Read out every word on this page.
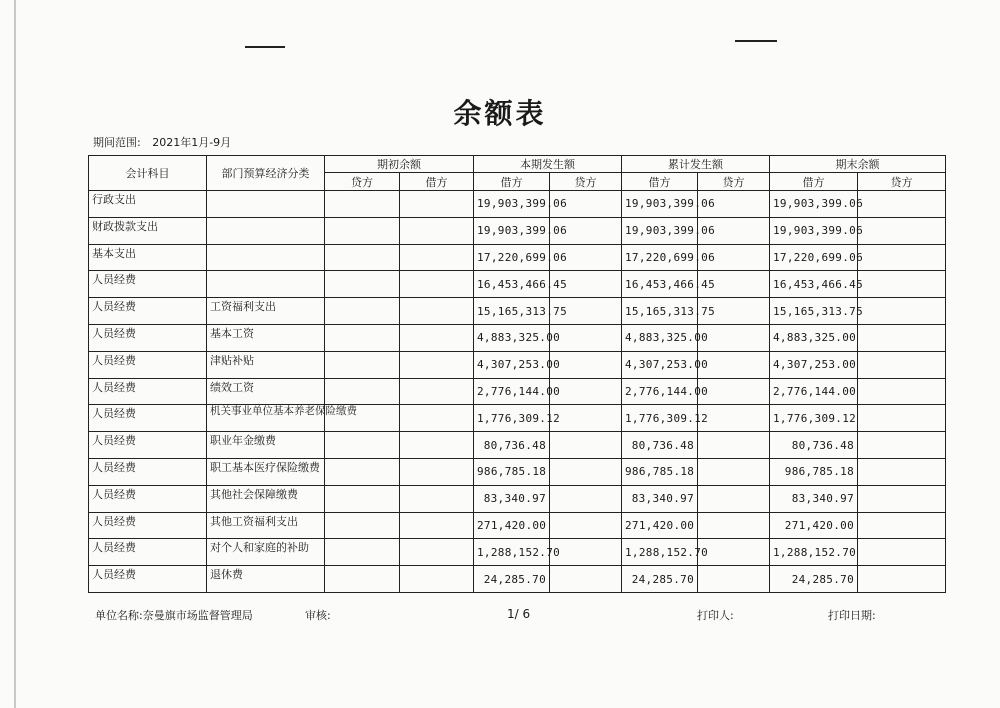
余额表
期间范围: 2021年1月-9月
会计科目	部门预算经济分类	期初余额		本期发生额		累计发生额		期末余额	
		贷方	借方	借方	贷方	借方	贷方	借方	贷方
行政支出				19,903,399.06		19,903,399.06		19,903,399.06	
财政拨款支出				19,903,399.06		19,903,399.06		19,903,399.06	
基本支出				17,220,699.06		17,220,699.06		17,220,699.06	
人员经费				16,453,466.45		16,453,466.45		16,453,466.45	
人员经费	工资福利支出			15,165,313.75		15,165,313.75		15,165,313.75	
人员经费	基本工资			4,883,325.00		4,883,325.00		4,883,325.00	
人员经费	津贴补贴			4,307,253.00		4,307,253.00		4,307,253.00	
人员经费	绩效工资			2,776,144.00		2,776,144.00		2,776,144.00	
人员经费	机关事业单位基本养老保险缴费			1,776,309.12		1,776,309.12		1,776,309.12	
人员经费	职业年金缴费			80,736.48		80,736.48		80,736.48	
人员经费	职工基本医疗保险缴费			986,785.18		986,785.18		986,785.18	
人员经费	其他社会保障缴费			83,340.97		83,340.97		83,340.97	
人员经费	其他工资福利支出			271,420.00		271,420.00		271,420.00	
人员经费	对个人和家庭的补助			1,288,152.70		1,288,152.70		1,288,152.70	
人员经费	退休费			24,285.70		24,285.70		24,285.70	
单位名称:奈曼旗市场监督管理局	审核:	1/ 6	打印人:	打印日期:
